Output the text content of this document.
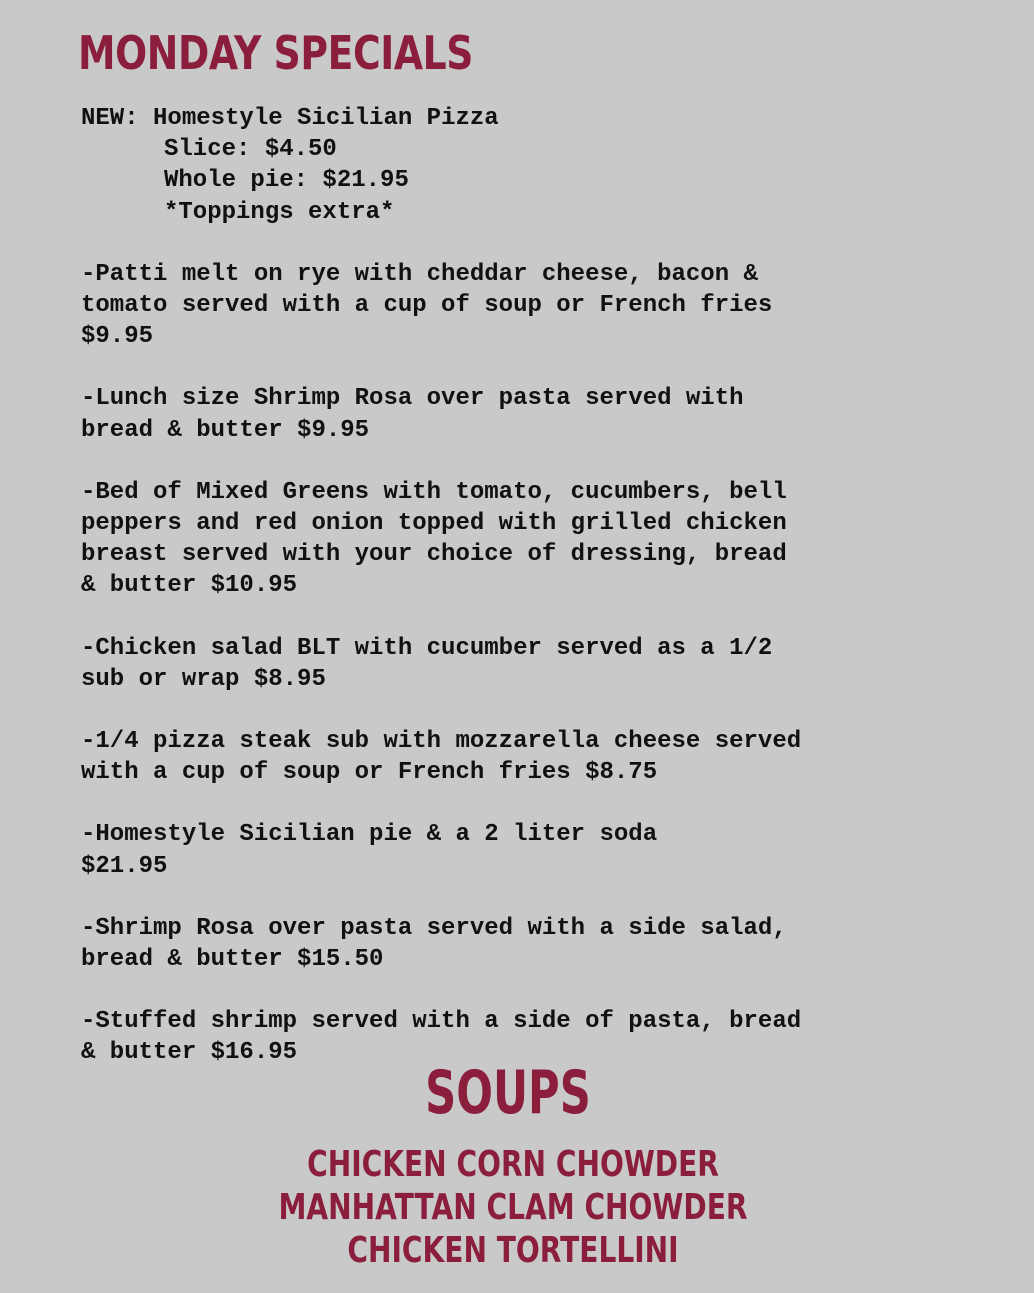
MONDAY SPECIALS
NEW: Homestyle Sicilian Pizza
Slice: $4.50
Whole pie: $21.95
*Toppings extra*
-Patti melt on rye with cheddar cheese, bacon &
tomato served with a cup of soup or French fries
$9.95
-Lunch size Shrimp Rosa over pasta served with
bread & butter $9.95
-Bed of Mixed Greens with tomato, cucumbers, bell
peppers and red onion topped with grilled chicken
breast served with your choice of dressing, bread
& butter $10.95
-Chicken salad BLT with cucumber served as a 1/2
sub or wrap $8.95
-1/4 pizza steak sub with mozzarella cheese served
with a cup of soup or French fries $8.75
-Homestyle Sicilian pie & a 2 liter soda
$21.95
-Shrimp Rosa over pasta served with a side salad,
bread & butter $15.50
-Stuffed shrimp served with a side of pasta, bread
& butter $16.95
SOUPS
CHICKEN CORN CHOWDER
MANHATTAN CLAM CHOWDER
CHICKEN TORTELLINI
